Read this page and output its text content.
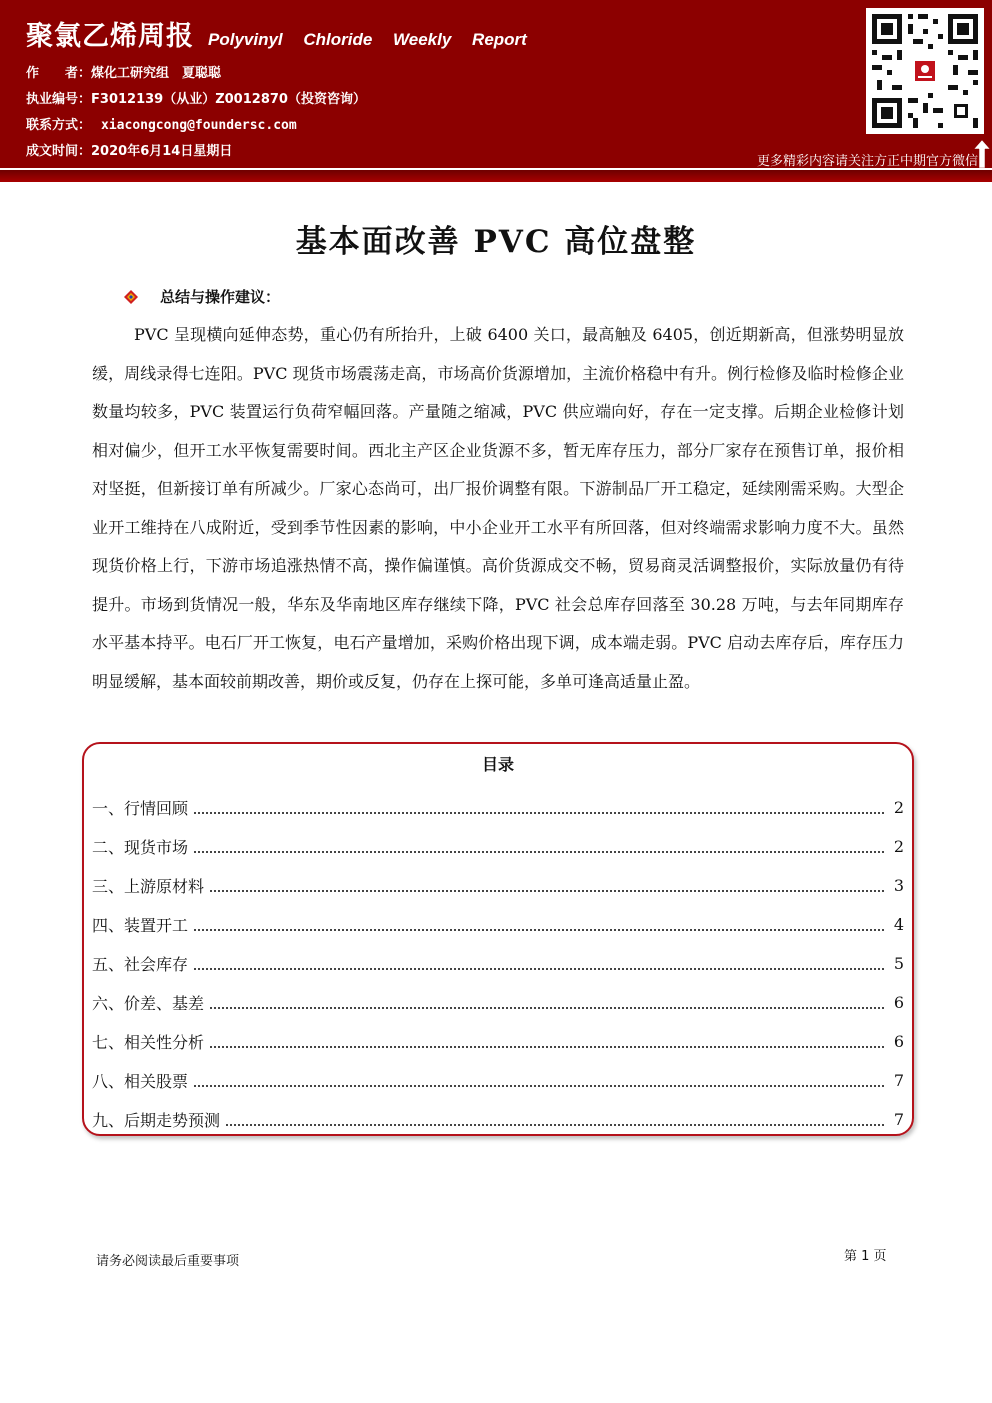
聚氯乙烯周报 Polyvinyl Chloride Weekly Report
作　　者：煤化工研究组　夏聪聪
执业编号：F3012139（从业）Z0012870（投资咨询）
联系方式： xiacongcong@foundersc.com
成文时间：2020年6月14日星期日
更多精彩内容请关注方正中期官方微信
基本面改善 PVC 高位盘整
总结与操作建议：

PVC 呈现横向延伸态势，重心仍有所抬升，上破 6400 关口，最高触及 6405，创近期新高，但涨势明显放缓，周线录得七连阳。PVC 现货市场震荡走高，市场高价货源增加，主流价格稳中有升。例行检修及临时检修企业数量均较多，PVC 装置运行负荷窄幅回落。产量随之缩减，PVC 供应端向好，存在一定支撑。后期企业检修计划相对偏少，但开工水平恢复需要时间。西北主产区企业货源不多，暂无库存压力，部分厂家存在预售订单，报价相对坚挺，但新接订单有所减少。厂家心态尚可，出厂报价调整有限。下游制品厂开工稳定，延续刚需采购。大型企业开工维持在八成附近，受到季节性因素的影响，中小企业开工水平有所回落，但对终端需求影响力度不大。虽然现货价格上行，下游市场追涨热情不高，操作偏谨慎。高价货源成交不畅，贸易商灵活调整报价，实际放量仍有待提升。市场到货情况一般，华东及华南地区库存继续下降，PVC 社会总库存回落至 30.28 万吨，与去年同期库存水平基本持平。电石厂开工恢复，电石产量增加，采购价格出现下调，成本端走弱。PVC 启动去库存后，库存压力明显缓解，基本面较前期改善，期价或反复，仍存在上探可能，多单可逢高适量止盈。

目录
一、行情回顾	2
二、现货市场	2
三、上游原材料	3
四、装置开工	4
五、社会库存	5
六、价差、基差	6
七、相关性分析	6
八、相关股票	7
九、后期走势预测	7
请务必阅读最后重要事项	第 1 页
